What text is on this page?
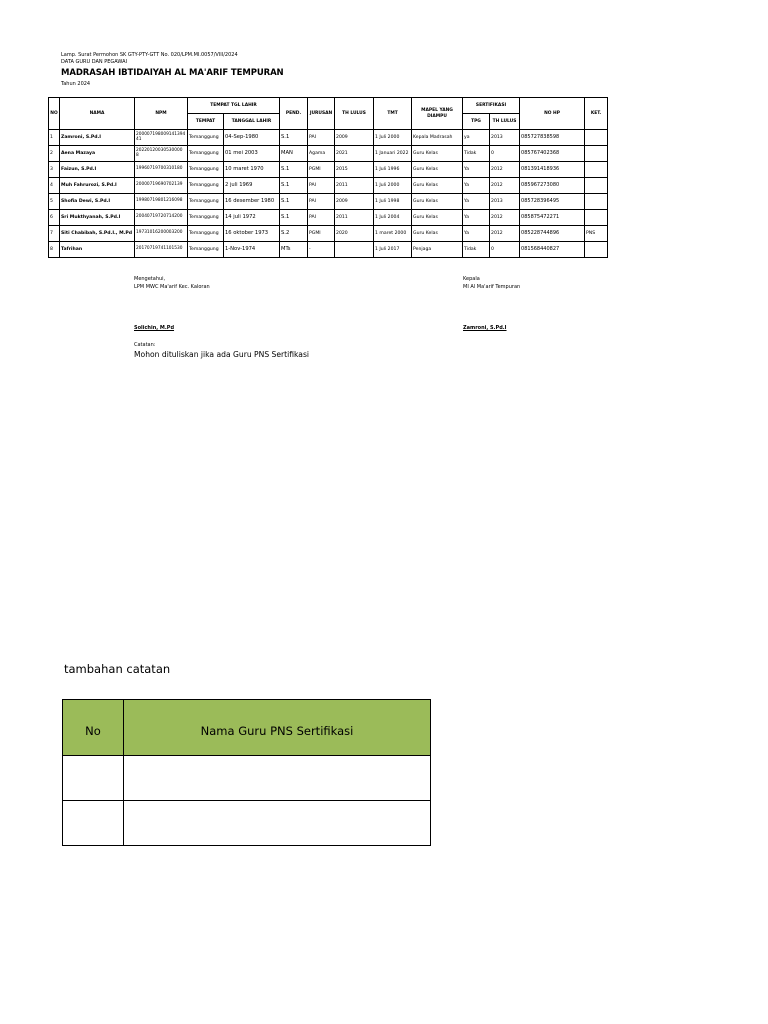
Lamp. Surat Permohon SK GTY-PTY-GTT No. 020/LPM.MI.0057/VIII/2024
DATA GURU DAN PEGAWAI
MADRASAH IBTIDAIYAH AL MA'ARIF TEMPURAN
Tahun 2024
NO	NAMA	NPM	TEMPAT TGL LAHIR		PEND.	JURUSAN	TH LULUS	TMT	MAPEL YANG DIAMPU	SERTIFIKASI		NO HP	KET.
			TEMPAT	TANGGAL LAHIR						TPG	TH LULUS		
1	Zamroni, S.Pd.I	20000719800914139441	Temanggung	04-Sep-1980	S.1	PAI	2009	1 Juli 2000	Kepala Madrasah	ya	2013	085727838598	
2	Aena Mazaya	20220120030530000 8	Temanggung	01 mei 2003	MAN	Agama	2021	1 Januari 2022	Guru Kelas	Tidak	0	085767402368	
3	Faizun, S.Pd.I	19960719700310180	Temanggung	10 maret 1970	S.1	PGMI	2015	1 Juli 1996	Guru Kelas	Ya	2012	081391418936	
4	Muh Fahrurozi, S.Pd.I	20000719690702139	Temanggung	2 juli 1969	S.1	PAI	2011	1 Juli 2000	Guru Kelas	Ya	2012	085967273080	
5	Shofia Dewi, S.Pd.I	19980719801216098	Temanggung	16 desember 1980	S.1	PAI	2009	1 Juli 1998	Guru Kelas	Ya	2013	085728396495	
6	Sri Mukthyanah, S.Pd.I	20040719720714200	Temanggung	14 juli 1972	S.1	PAI	2011	1 Juli 2004	Guru Kelas	Ya	2012	085875472271	
7	Siti Chabibah, S.Pd.I., M.Pd	19731016200003200	Temanggung	16 oktober 1973	S.2	PGMI	2020	1 maret 2000	Guru Kelas	Ya	2012	085228744896	PNS
8	Tafrihan	20170719741101530	Temanggung	1-Nov-1974	MTs	-		1 Juli 2017	Penjaga	Tidak	0	081568440827	
Mengetahui,
LPM MWC Ma'arif Kec. Kaloran
Kepala
MI Al Ma'arif Tempuran
Solichin, M.Pd	Zamroni, S.Pd.I
Catatan:
Mohon dituliskan jika ada Guru PNS Sertifikasi
tambahan catatan
No	Nama Guru PNS Sertifikasi
